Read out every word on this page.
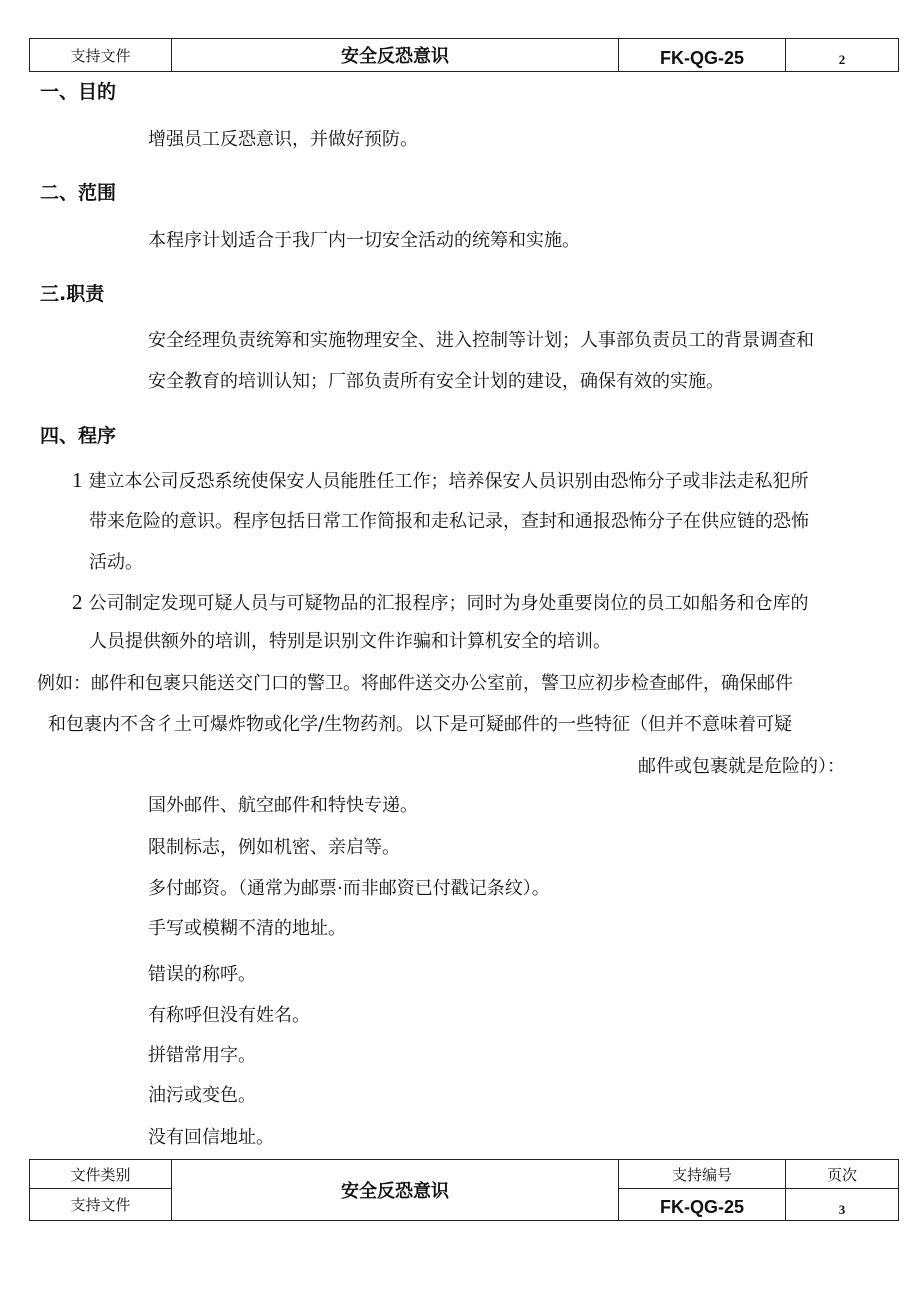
支持文件	安全反恐意识	FK-QG-25	2
一、目的
增强员工反恐意识，并做好预防。
二、范围
本程序计划适合于我厂内一切安全活动的统筹和实施。
三.职责
安全经理负责统筹和实施物理安全、进入控制等计划；人事部负责员工的背景调查和
安全教育的培训认知；厂部负责所有安全计划的建设，确保有效的实施。
四、程序
1 建立本公司反恐系统使保安人员能胜任工作；培养保安人员识别由恐怖分子或非法走私犯所
带来危险的意识。程序包括日常工作简报和走私记录，查封和通报恐怖分子在供应链的恐怖
活动。
2 公司制定发现可疑人员与可疑物品的汇报程序；同时为身处重要岗位的员工如船务和仓库的
人员提供额外的培训，特别是识别文件诈骗和计算机安全的培训。
例如：邮件和包裹只能送交门口的警卫。将邮件送交办公室前，警卫应初步检查邮件，确保邮件
和包裹内不含彳土可爆炸物或化学/生物药剂。以下是可疑邮件的一些特征（但并不意味着可疑
邮件或包裹就是危险的）：
国外邮件、航空邮件和特快专递。
限制标志，例如机密、亲启等。
多付邮资。（通常为邮票·而非邮资已付戳记条纹）。
手写或模糊不清的地址。
错误的称呼。
有称呼但没有姓名。
拼错常用字。
油污或变色。
没有回信地址。
文件类别	安全反恐意识	支持编号	页次
支持文件		FK-QG-25	3
